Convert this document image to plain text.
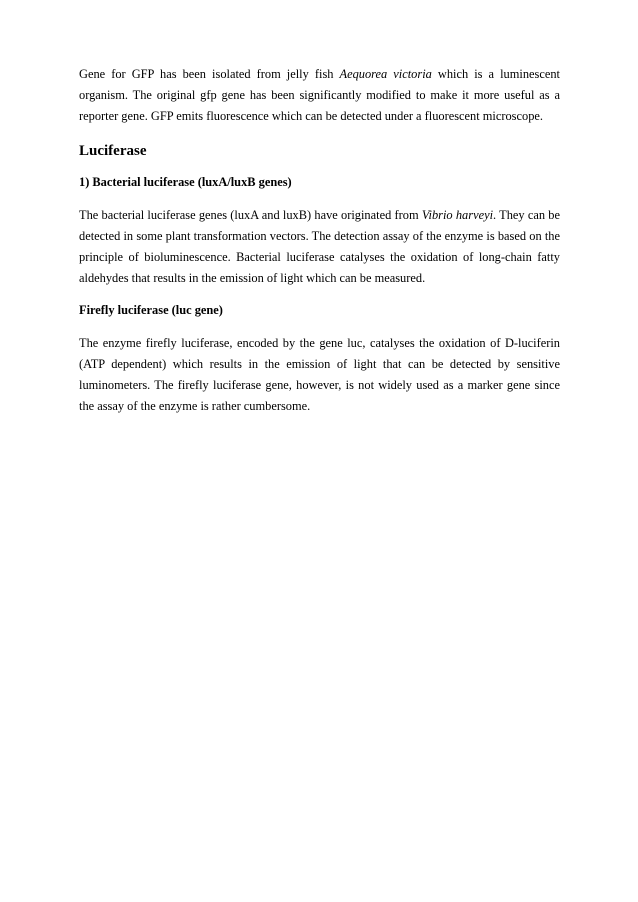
Gene for GFP has been isolated from jelly fish Aequorea victoria which is a luminescent organism. The original gfp gene has been significantly modified to make it more useful as a reporter gene. GFP emits fluorescence which can be detected under a fluorescent microscope.

Luciferase
1) Bacterial luciferase (luxA/luxB genes)

The bacterial luciferase genes (luxA and luxB) have originated from Vibrio harveyi. They can be detected in some plant transformation vectors. The detection assay of the enzyme is based on the principle of bioluminescence. Bacterial luciferase catalyses the oxidation of long-chain fatty aldehydes that results in the emission of light which can be measured.

Firefly luciferase (luc gene)

The enzyme firefly luciferase, encoded by the gene luc, catalyses the oxidation of D-luciferin (ATP dependent) which results in the emission of light that can be detected by sensitive luminometers. The firefly luciferase gene, however, is not widely used as a marker gene since the assay of the enzyme is rather cumbersome.
